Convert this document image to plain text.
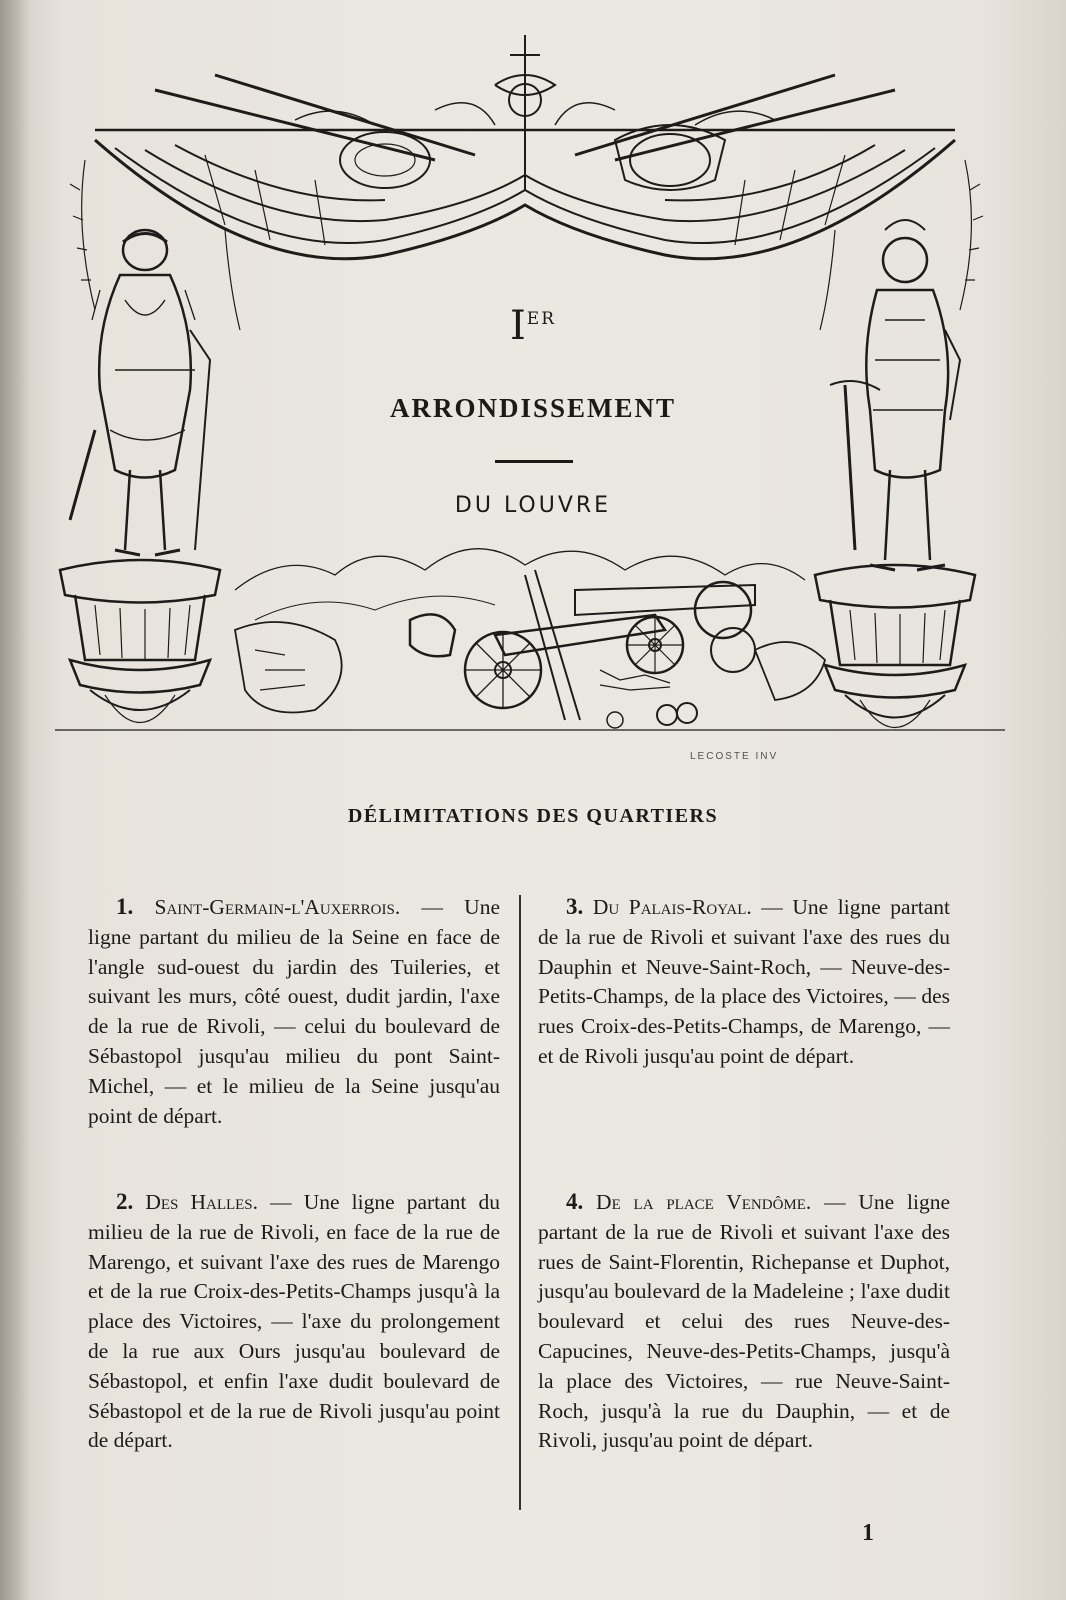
LECOSTE INV
IER
ARRONDISSEMENT
DU LOUVRE
DÉLIMITATIONS DES QUARTIERS
1. Saint-Germain-l'Auxerrois. — Une ligne partant du milieu de la Seine en face de l'angle sud-ouest du jardin des Tuileries, et suivant les murs, côté ouest, dudit jardin, l'axe de la rue de Rivoli, — celui du boulevard de Sébastopol jusqu'au milieu du pont Saint-Michel, — et le milieu de la Seine jusqu'au point de départ.
2. Des Halles. — Une ligne partant du milieu de la rue de Rivoli, en face de la rue de Marengo, et suivant l'axe des rues de Marengo et de la rue Croix-des-Petits-Champs jusqu'à la place des Victoires, — l'axe du prolongement de la rue aux Ours jusqu'au boulevard de Sébastopol, et enfin l'axe dudit boulevard de Sébastopol et de la rue de Rivoli jusqu'au point de départ.
3. Du Palais-Royal. — Une ligne partant de la rue de Rivoli et suivant l'axe des rues du Dauphin et Neuve-Saint-Roch, — Neuve-des-Petits-Champs, de la place des Victoires, — des rues Croix-des-Petits-Champs, de Marengo, — et de Rivoli jusqu'au point de départ.
4. De la place Vendôme. — Une ligne partant de la rue de Rivoli et suivant l'axe des rues de Saint-Florentin, Richepanse et Duphot, jusqu'au boulevard de la Madeleine ; l'axe dudit boulevard et celui des rues Neuve-des-Capucines, Neuve-des-Petits-Champs, jusqu'à la place des Victoires, — rue Neuve-Saint-Roch, jusqu'à la rue du Dauphin, — et de Rivoli, jusqu'au point de départ.
1
